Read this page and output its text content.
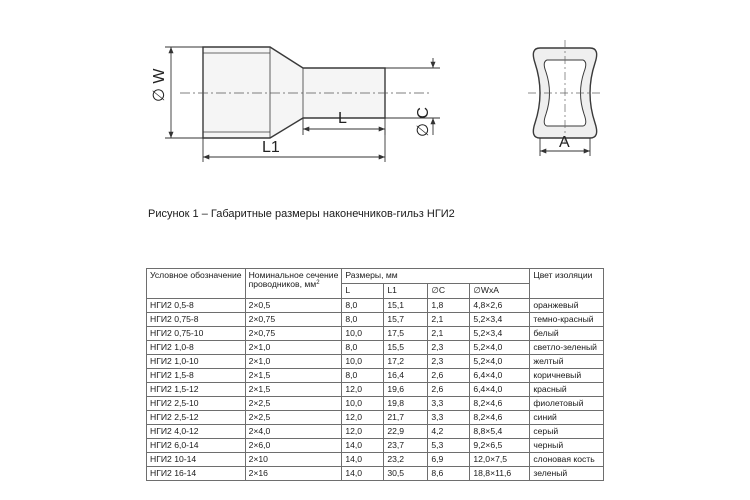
∅ W
L
L1
∅ C
A
Рисунок 1 – Габаритные размеры наконечников-гильз НГИ2
Условное обозначение	Номинальное сечение
проводников, $мм^2$	Размеры, мм				Цвет изоляции
		L	L1	∅C	∅WxA	
НГИ2 0,5-8	2×0,5	8,0	15,1	1,8	4,8×2,6	оранжевый
НГИ2 0,75-8	2×0,75	8,0	15,7	2,1	5,2×3,4	темно-красный
НГИ2 0,75-10	2×0,75	10,0	17,5	2,1	5,2×3,4	белый
НГИ2 1,0-8	2×1,0	8,0	15,5	2,3	5,2×4,0	светло-зеленый
НГИ2 1,0-10	2×1,0	10,0	17,2	2,3	5,2×4,0	желтый
НГИ2 1,5-8	2×1,5	8,0	16,4	2,6	6,4×4,0	коричневый
НГИ2 1,5-12	2×1,5	12,0	19,6	2,6	6,4×4,0	красный
НГИ2 2,5-10	2×2,5	10,0	19,8	3,3	8,2×4,6	фиолетовый
НГИ2 2,5-12	2×2,5	12,0	21,7	3,3	8,2×4,6	синий
НГИ2 4,0-12	2×4,0	12,0	22,9	4,2	8,8×5,4	серый
НГИ2 6,0-14	2×6,0	14,0	23,7	5,3	9,2×6,5	черный
НГИ2 10-14	2×10	14,0	23,2	6,9	12,0×7,5	слоновая кость
НГИ2 16-14	2×16	14,0	30,5	8,6	18,8×11,6	зеленый
